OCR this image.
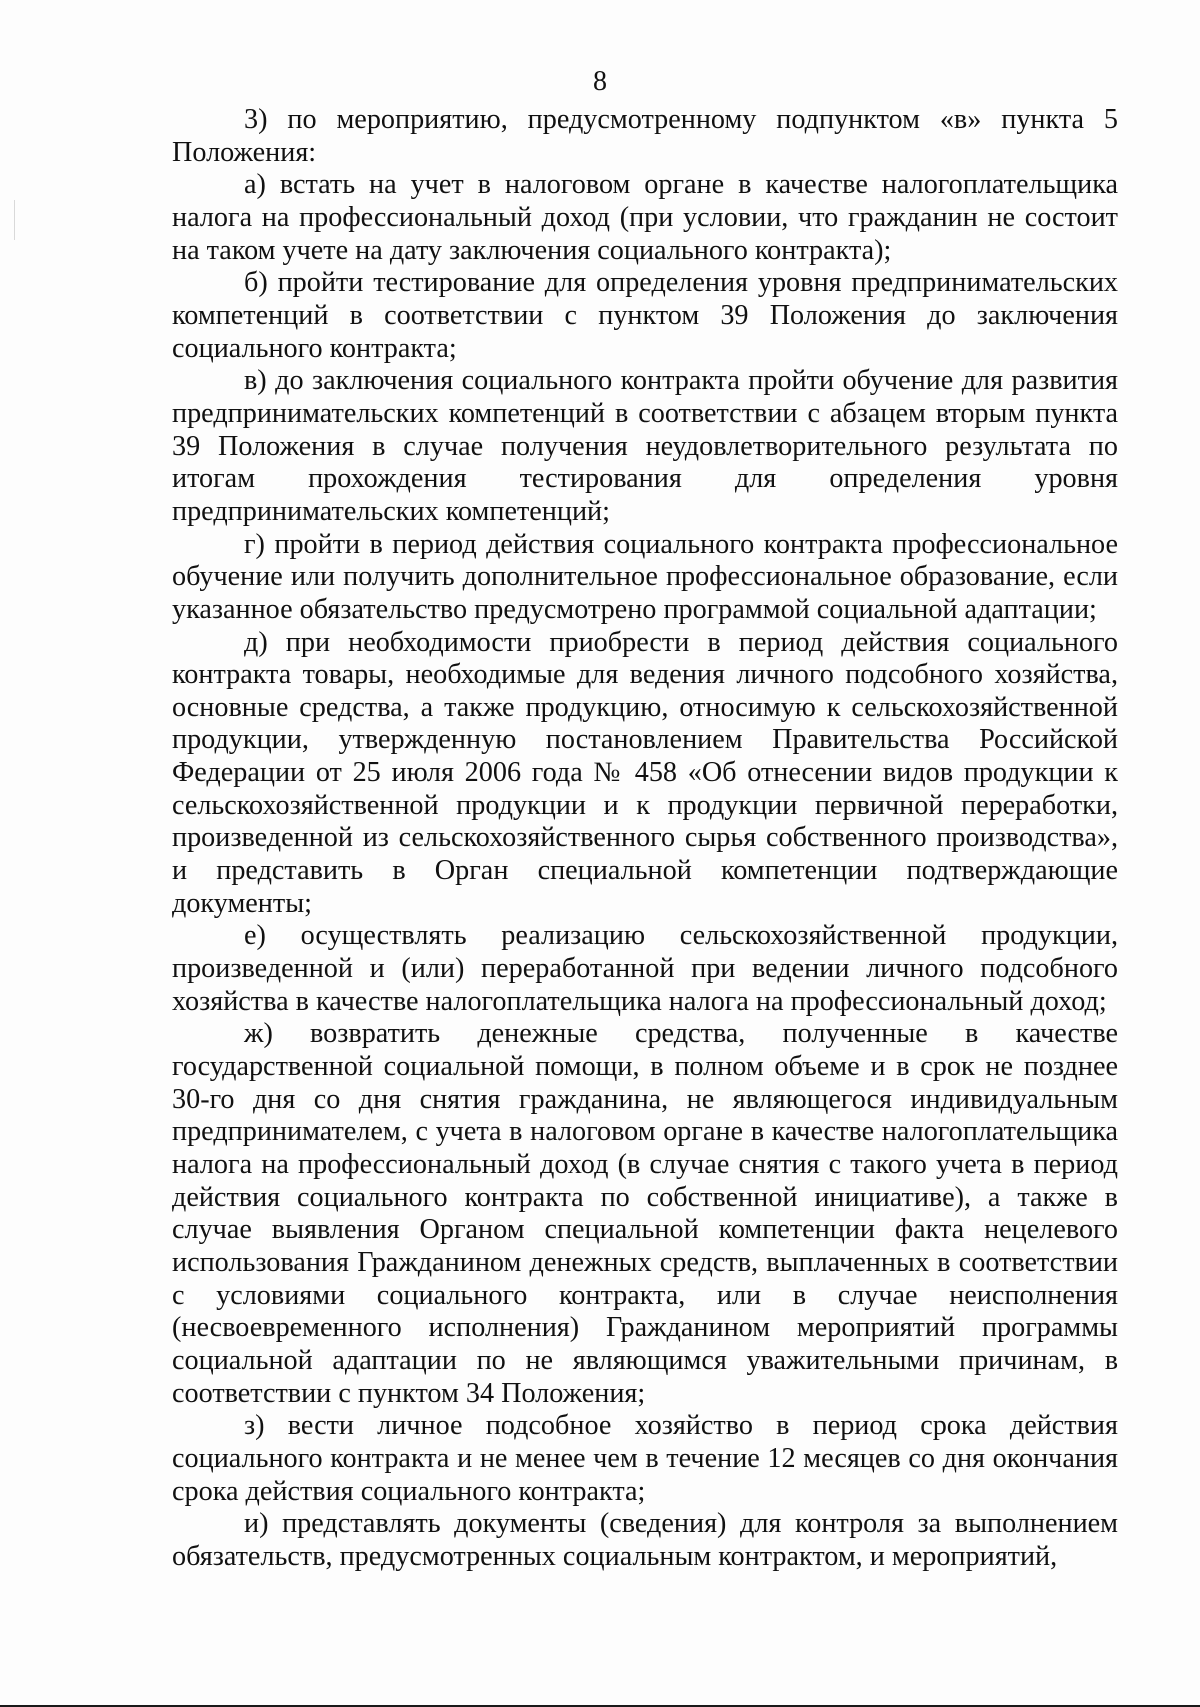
8

3) по мероприятию, предусмотренному подпунктом «в» пункта 5 Положения:

а) встать на учет в налоговом органе в качестве налогоплательщика налога на профессиональный доход (при условии, что гражданин не состоит на таком учете на дату заключения социального контракта);

б) пройти тестирование для определения уровня предпринимательских компетенций в соответствии с пунктом 39 Положения до заключения социального контракта;

в) до заключения социального контракта пройти обучение для развития предпринимательских компетенций в соответствии с абзацем вторым пункта 39 Положения в случае получения неудовлетворительного результата по итогам прохождения тестирования для определения уровня предпринимательских компетенций;

г) пройти в период действия социального контракта профессиональное обучение или получить дополнительное профессиональное образование, если указанное обязательство предусмотрено программой социальной адаптации;

д) при необходимости приобрести в период действия социального контракта товары, необходимые для ведения личного подсобного хозяйства, основные средства, а также продукцию, относимую к сельскохозяйственной продукции, утвержденную постановлением Правительства Российской Федерации от 25 июля 2006 года № 458 «Об отнесении видов продукции к сельскохозяйственной продукции и к продукции первичной переработки, произведенной из сельскохозяйственного сырья собственного производства», и представить в Орган специальной компетенции подтверждающие документы;

е) осуществлять реализацию сельскохозяйственной продукции, произведенной и (или) переработанной при ведении личного подсобного хозяйства в качестве налогоплательщика налога на профессиональный доход;

ж) возвратить денежные средства, полученные в качестве государственной социальной помощи, в полном объеме и в срок не позднее 30-го дня со дня снятия гражданина, не являющегося индивидуальным предпринимателем, с учета в налоговом органе в качестве налогоплательщика налога на профессиональный доход (в случае снятия с такого учета в период действия социального контракта по собственной инициативе), а также в случае выявления Органом специальной компетенции факта нецелевого использования Гражданином денежных средств, выплаченных в соответствии с условиями социального контракта, или в случае неисполнения (несвоевременного исполнения) Гражданином мероприятий программы социальной адаптации по не являющимся уважительными причинам, в соответствии с пунктом 34 Положения;

з) вести личное подсобное хозяйство в период срока действия социального контракта и не менее чем в течение 12 месяцев со дня окончания срока действия социального контракта;

и) представлять документы (сведения) для контроля за выполнением обязательств, предусмотренных социальным контрактом, и мероприятий,
